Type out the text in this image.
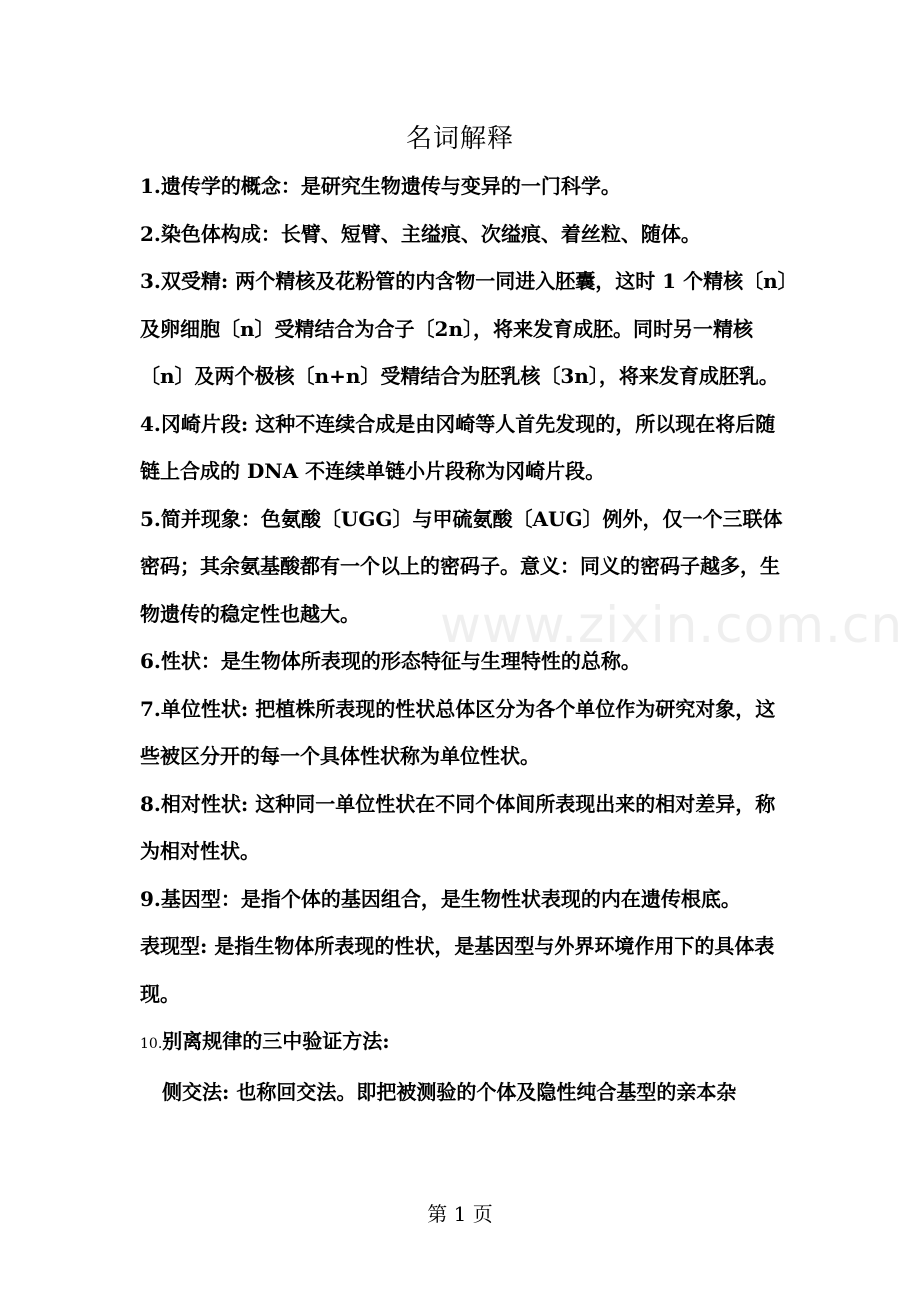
名词解释
www.zixin.com.cn

1.遗传学的概念：是研究生物遗传与变异的一门科学。

2.染色体构成：长臂、短臂、主缢痕、次缢痕、着丝粒、随体。

3.双受精: 两个精核及花粉管的内含物一同进入胚囊，这时 1 个精核〔n〕及卵细胞〔n〕受精结合为合子〔2n〕，将来发育成胚。同时另一精核〔n〕及两个极核〔n+n〕受精结合为胚乳核〔3n〕，将来发育成胚乳。

4.冈崎片段: 这种不连续合成是由冈崎等人首先发现的，所以现在将后随链上合成的 DNA 不连续单链小片段称为冈崎片段。

5.简并现象：色氨酸〔UGG〕与甲硫氨酸〔AUG〕例外，仅一个三联体密码；其余氨基酸都有一个以上的密码子。意义：同义的密码子越多，生物遗传的稳定性也越大。

6.性状：是生物体所表现的形态特征与生理特性的总称。

7.单位性状: 把植株所表现的性状总体区分为各个单位作为研究对象，这些被区分开的每一个具体性状称为单位性状。

8.相对性状: 这种同一单位性状在不同个体间所表现出来的相对差异，称为相对性状。

9.基因型：是指个体的基因组合，是生物性状表现的内在遗传根底。

表现型: 是指生物体所表现的性状，是基因型与外界环境作用下的具体表现。

10.别离规律的三中验证方法:

侧交法: 也称回交法。即把被测验的个体及隐性纯合基型的亲本杂

第 1 页
